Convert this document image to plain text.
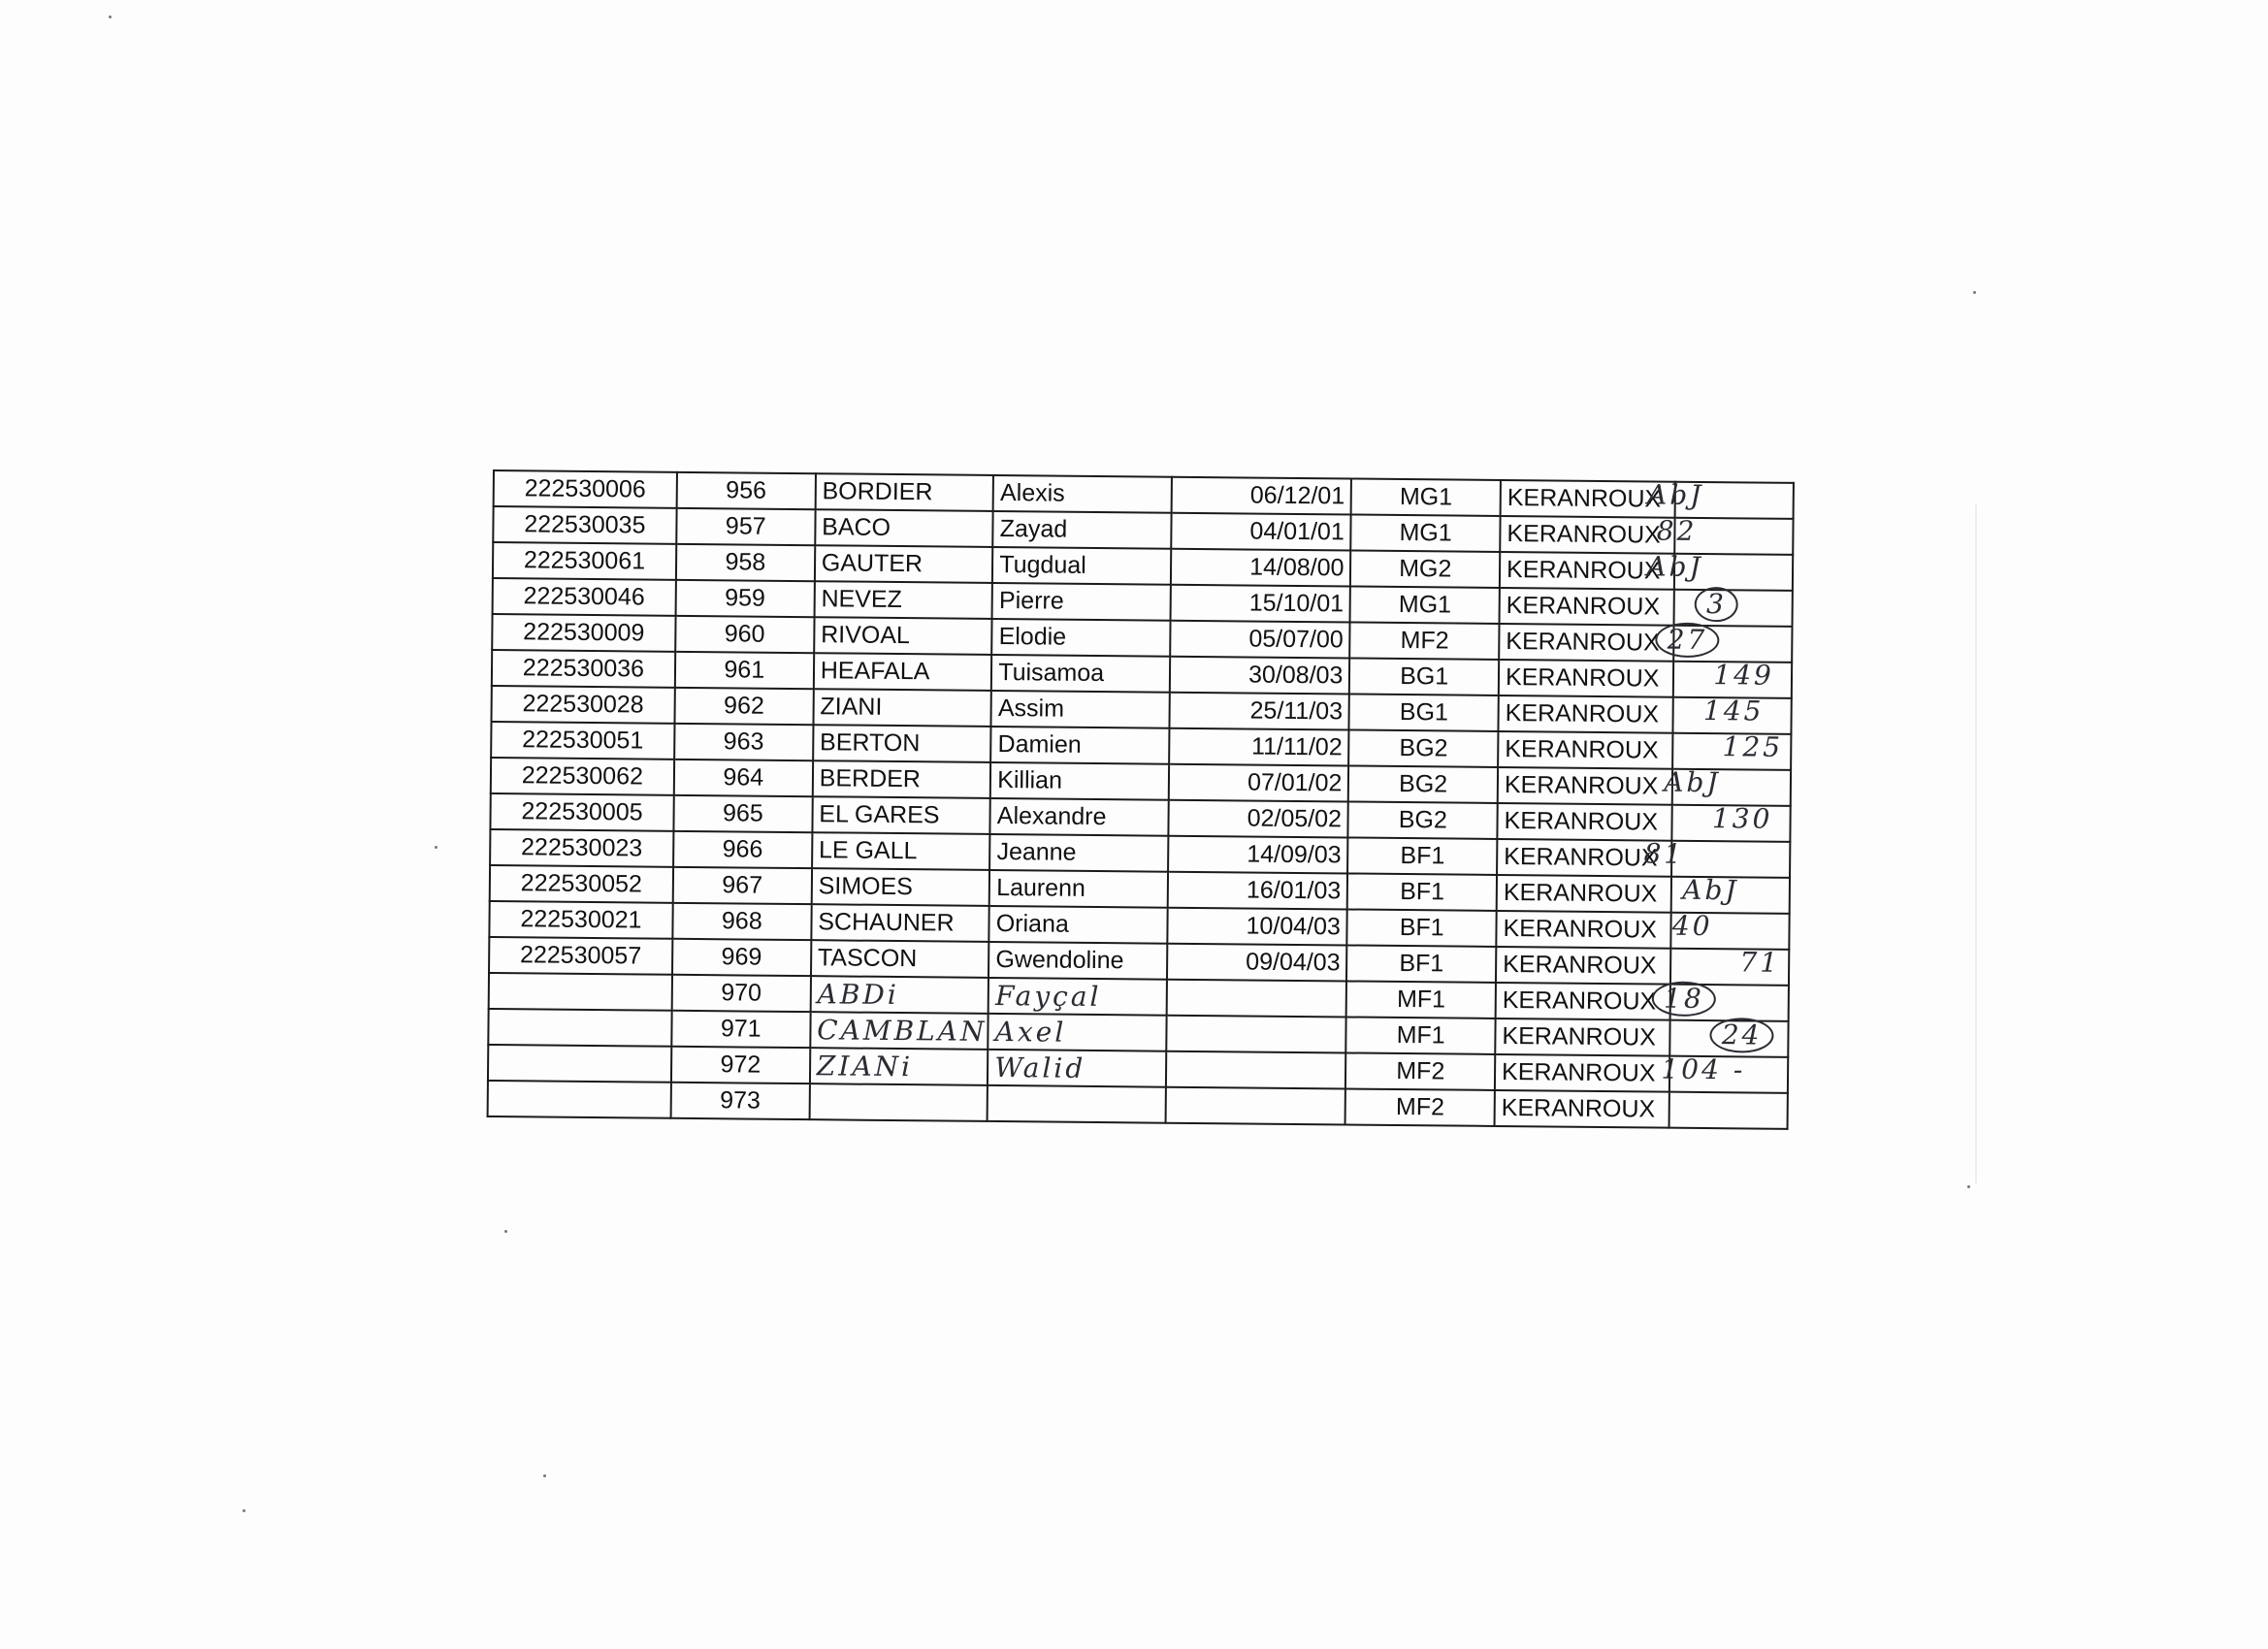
222530006	956	BORDIER	Alexis	06/12/01	MG1	KERANROUX	AbJ

222530035	957	BACO	Zayad	04/01/01	MG1	KERANROUX	82

222530061	958	GAUTER	Tugdual	14/08/00	MG2	KERANROUX	AbJ

222530046	959	NEVEZ	Pierre	15/10/01	MG1	KERANROUX	3

222530009	960	RIVOAL	Elodie	05/07/00	MF2	KERANROUX	27

222530036	961	HEAFALA	Tuisamoa	30/08/03	BG1	KERANROUX	149

222530028	962	ZIANI	Assim	25/11/03	BG1	KERANROUX	145

222530051	963	BERTON	Damien	11/11/02	BG2	KERANROUX	125

222530062	964	BERDER	Killian	07/01/02	BG2	KERANROUX	AbJ

222530005	965	EL GARES	Alexandre	02/05/02	BG2	KERANROUX	130

222530023	966	LE GALL	Jeanne	14/09/03	BF1	KERANROUX	81

222530052	967	SIMOES	Laurenn	16/01/03	BF1	KERANROUX	AbJ

222530021	968	SCHAUNER	Oriana	10/04/03	BF1	KERANROUX	40

222530057	969	TASCON	Gwendoline	09/04/03	BF1	KERANROUX	71

	970	ABDi	Fayçal		MF1	KERANROUX	18

	971	CAMBLAN	Axel		MF1	KERANROUX	24

	972	ZIANi	Walid		MF2	KERANROUX	104 -

	973				MF2	KERANROUX	
